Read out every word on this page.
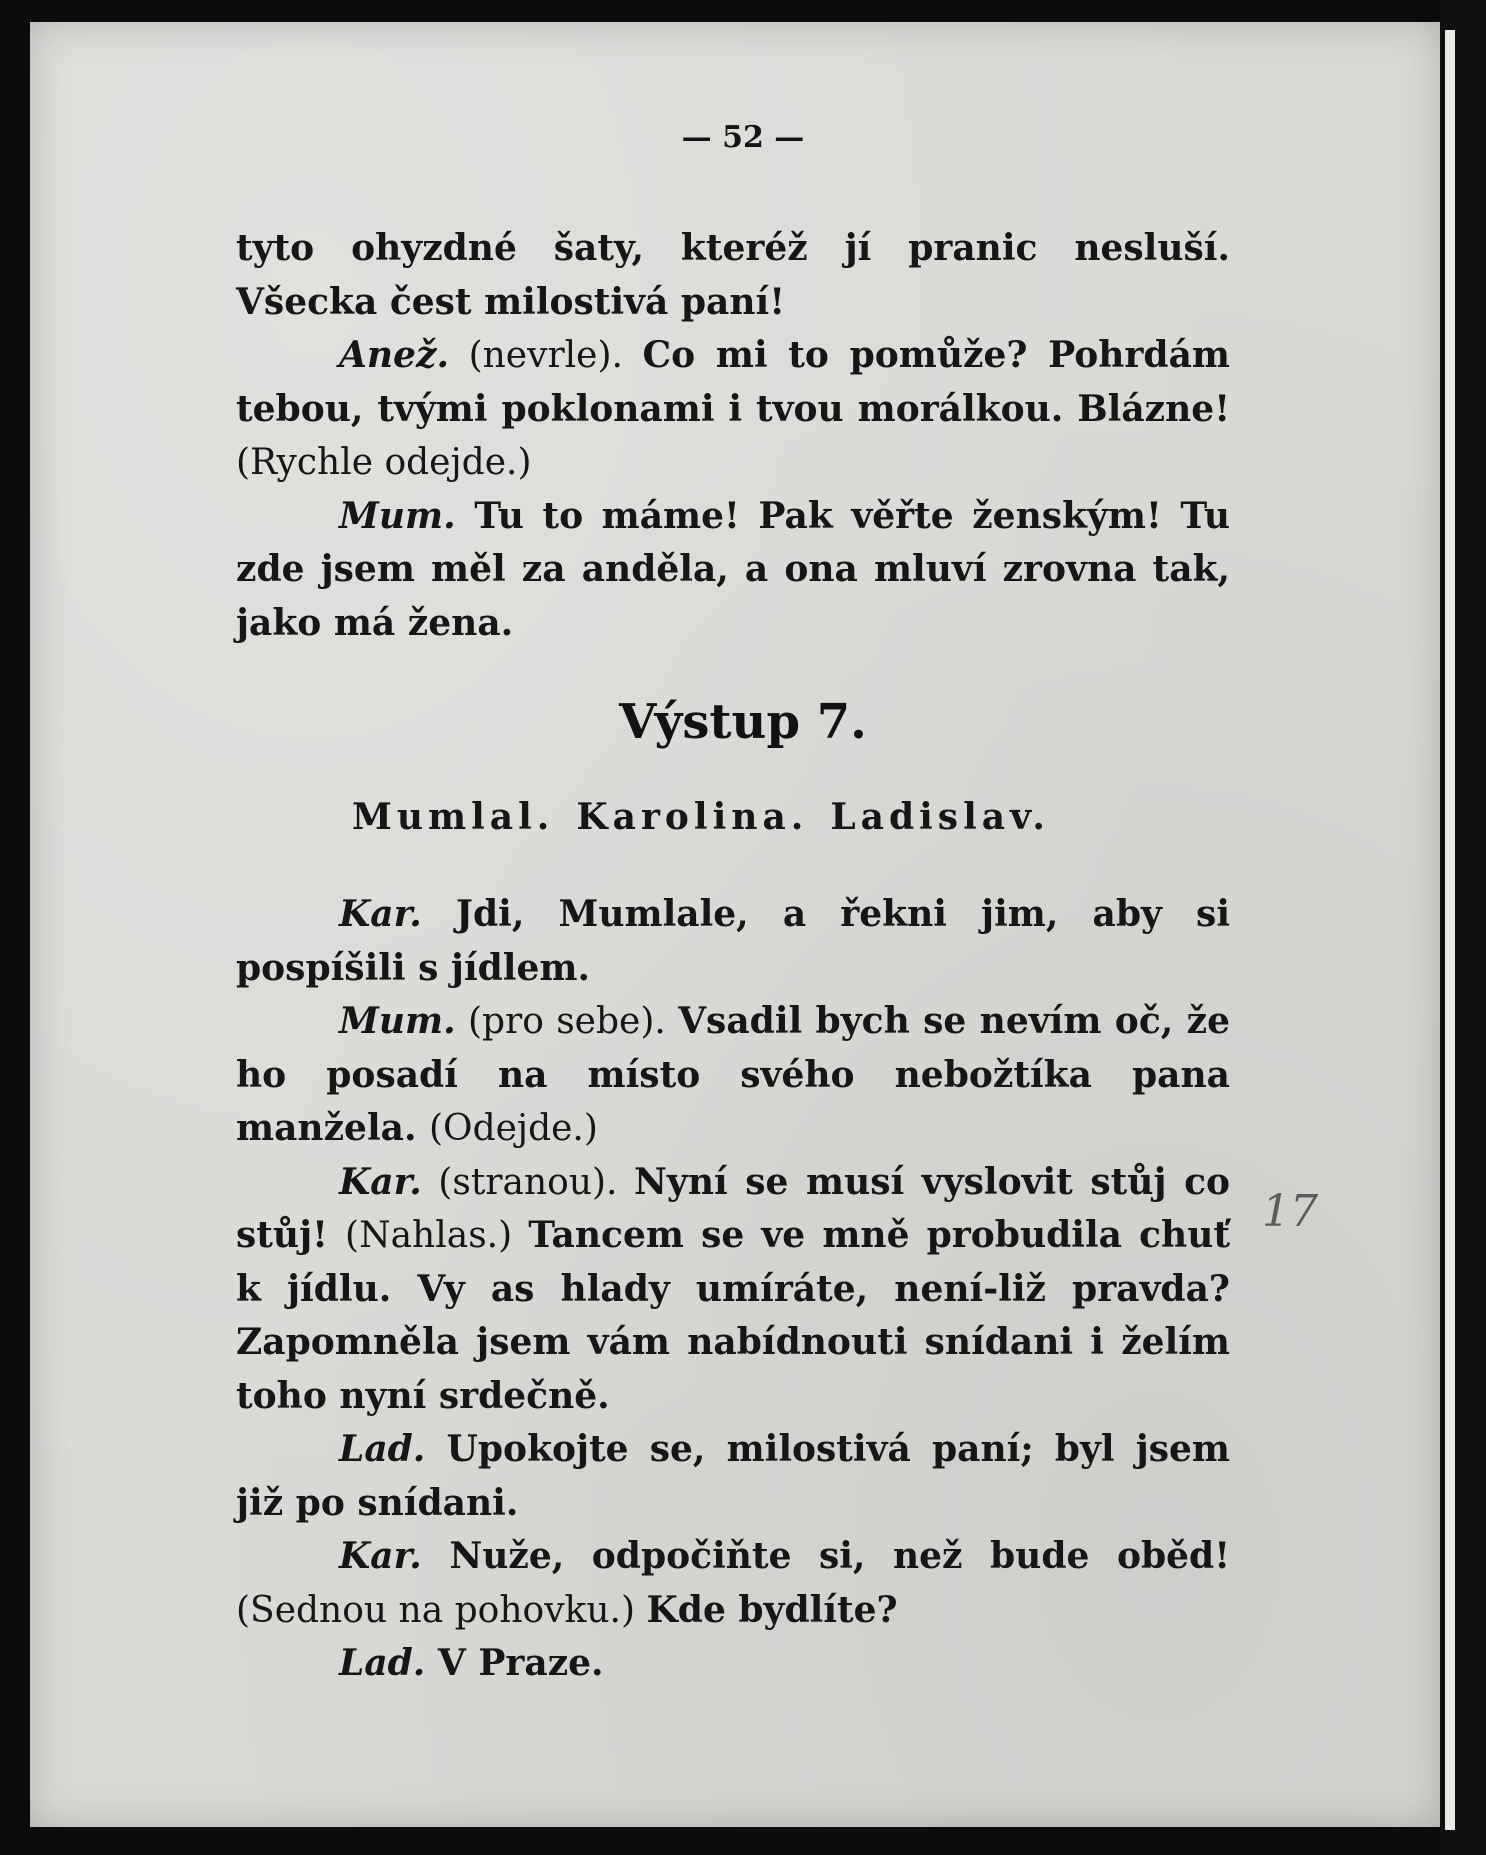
— 52 —

tyto ohyzdné šaty, kteréž jí pranic nesluší. Všecka čest milostivá paní!

Anež. (nevrle). Co mi to pomůže? Pohrdám tebou, tvými poklonami i tvou morálkou. Blázne! (Rychle odejde.)

Mum. Tu to máme! Pak věřte ženským! Tu zde jsem měl za anděla, a ona mluví zrovna tak, jako má žena.

Výstup 7.
Mumlal. Karolina. Ladislav.

Kar. Jdi, Mumlale, a řekni jim, aby si pospíšili s jídlem.

Mum. (pro sebe). Vsadil bych se nevím oč, že ho posadí na místo svého nebožtíka pana manžela. (Odejde.)

Kar. (stranou). Nyní se musí vyslovit stůj co stůj! (Nahlas.) Tancem se ve mně probudila chuť k jídlu. Vy as hlady umíráte, není-liž pravda? Zapomněla jsem vám nabídnouti snídani i želím toho nyní srdečně.

Lad. Upokojte se, milostivá paní; byl jsem již po snídani.

Kar. Nuže, odpočiňte si, než bude oběd! (Sednou na pohovku.) Kde bydlíte?

Lad. V Praze.

17
